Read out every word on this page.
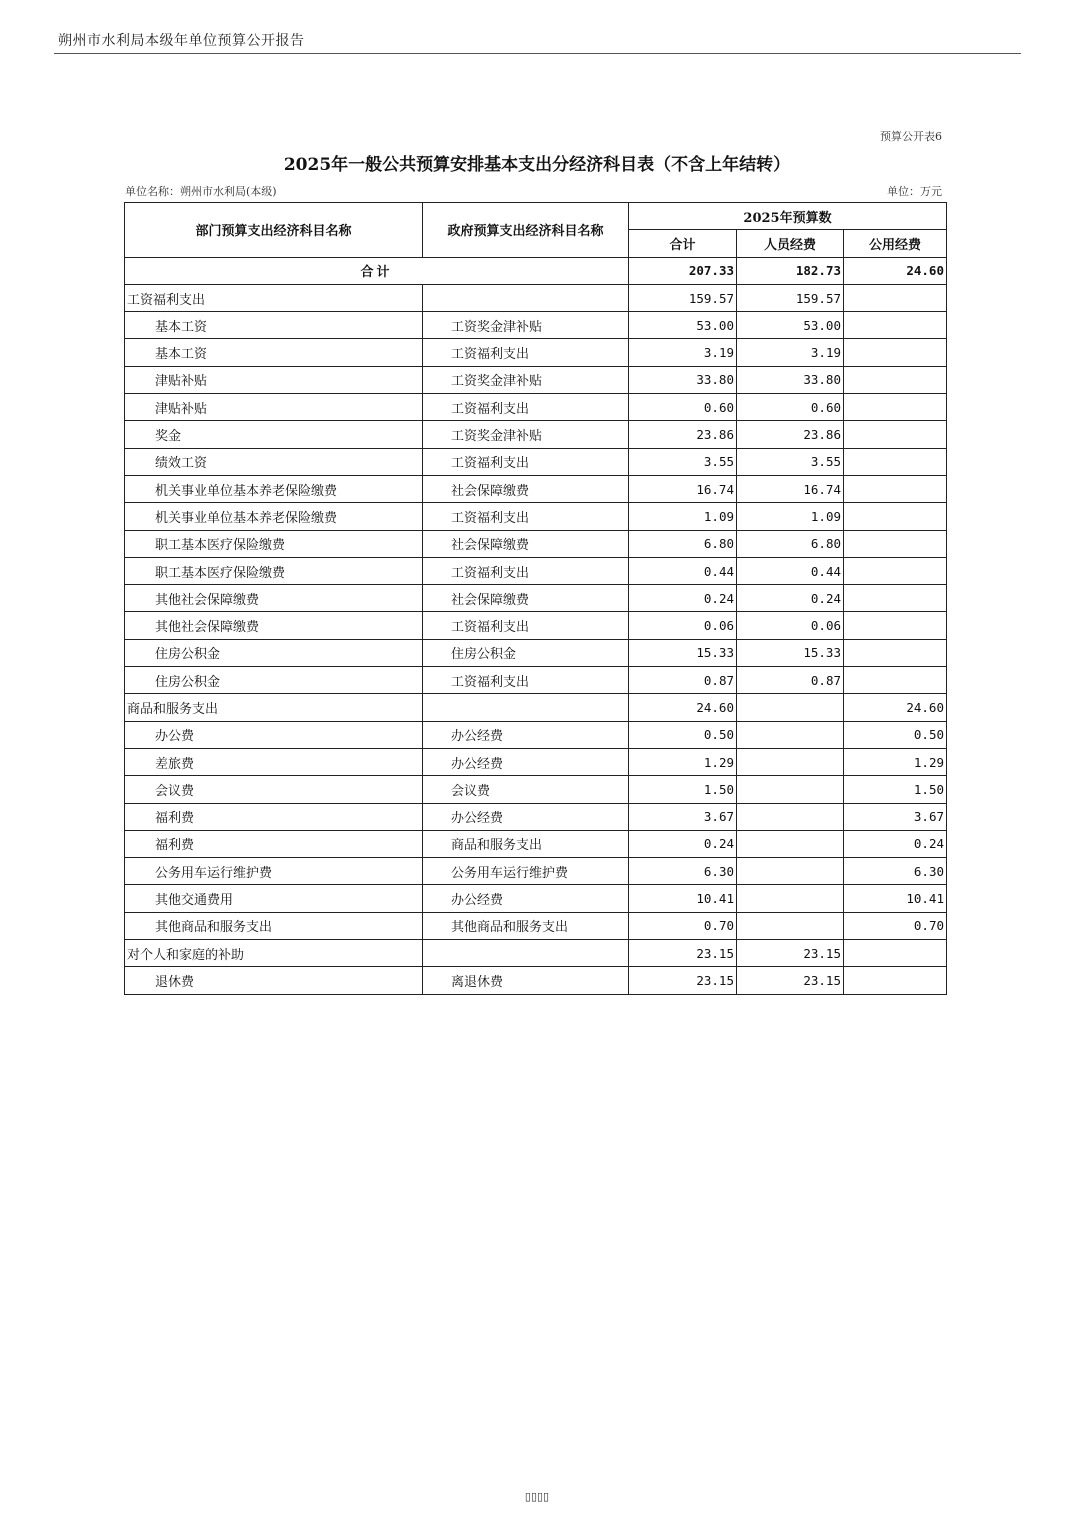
朔州市水利局本级年单位预算公开报告
预算公开表6
2025年一般公共预算安排基本支出分经济科目表（不含上年结转）
单位名称：朔州市水利局(本级)	单位：万元
部门预算支出经济科目名称	政府预算支出经济科目名称	2025年预算数		
		合计	人员经费	公用经费
合计		207.33	182.73	24.60
工资福利支出		159.57	159.57	
基本工资	工资奖金津补贴	53.00	53.00	
基本工资	工资福利支出	3.19	3.19	
津贴补贴	工资奖金津补贴	33.80	33.80	
津贴补贴	工资福利支出	0.60	0.60	
奖金	工资奖金津补贴	23.86	23.86	
绩效工资	工资福利支出	3.55	3.55	
机关事业单位基本养老保险缴费	社会保障缴费	16.74	16.74	
机关事业单位基本养老保险缴费	工资福利支出	1.09	1.09	
职工基本医疗保险缴费	社会保障缴费	6.80	6.80	
职工基本医疗保险缴费	工资福利支出	0.44	0.44	
其他社会保障缴费	社会保障缴费	0.24	0.24	
其他社会保障缴费	工资福利支出	0.06	0.06	
住房公积金	住房公积金	15.33	15.33	
住房公积金	工资福利支出	0.87	0.87	
商品和服务支出		24.60		24.60
办公费	办公经费	0.50		0.50
差旅费	办公经费	1.29		1.29
会议费	会议费	1.50		1.50
福利费	办公经费	3.67		3.67
福利费	商品和服务支出	0.24		0.24
公务用车运行维护费	公务用车运行维护费	6.30		6.30
其他交通费用	办公经费	10.41		10.41
其他商品和服务支出	其他商品和服务支出	0.70		0.70
对个人和家庭的补助		23.15	23.15	
退休费	离退休费	23.15	23.15	
▯▯▯▯
